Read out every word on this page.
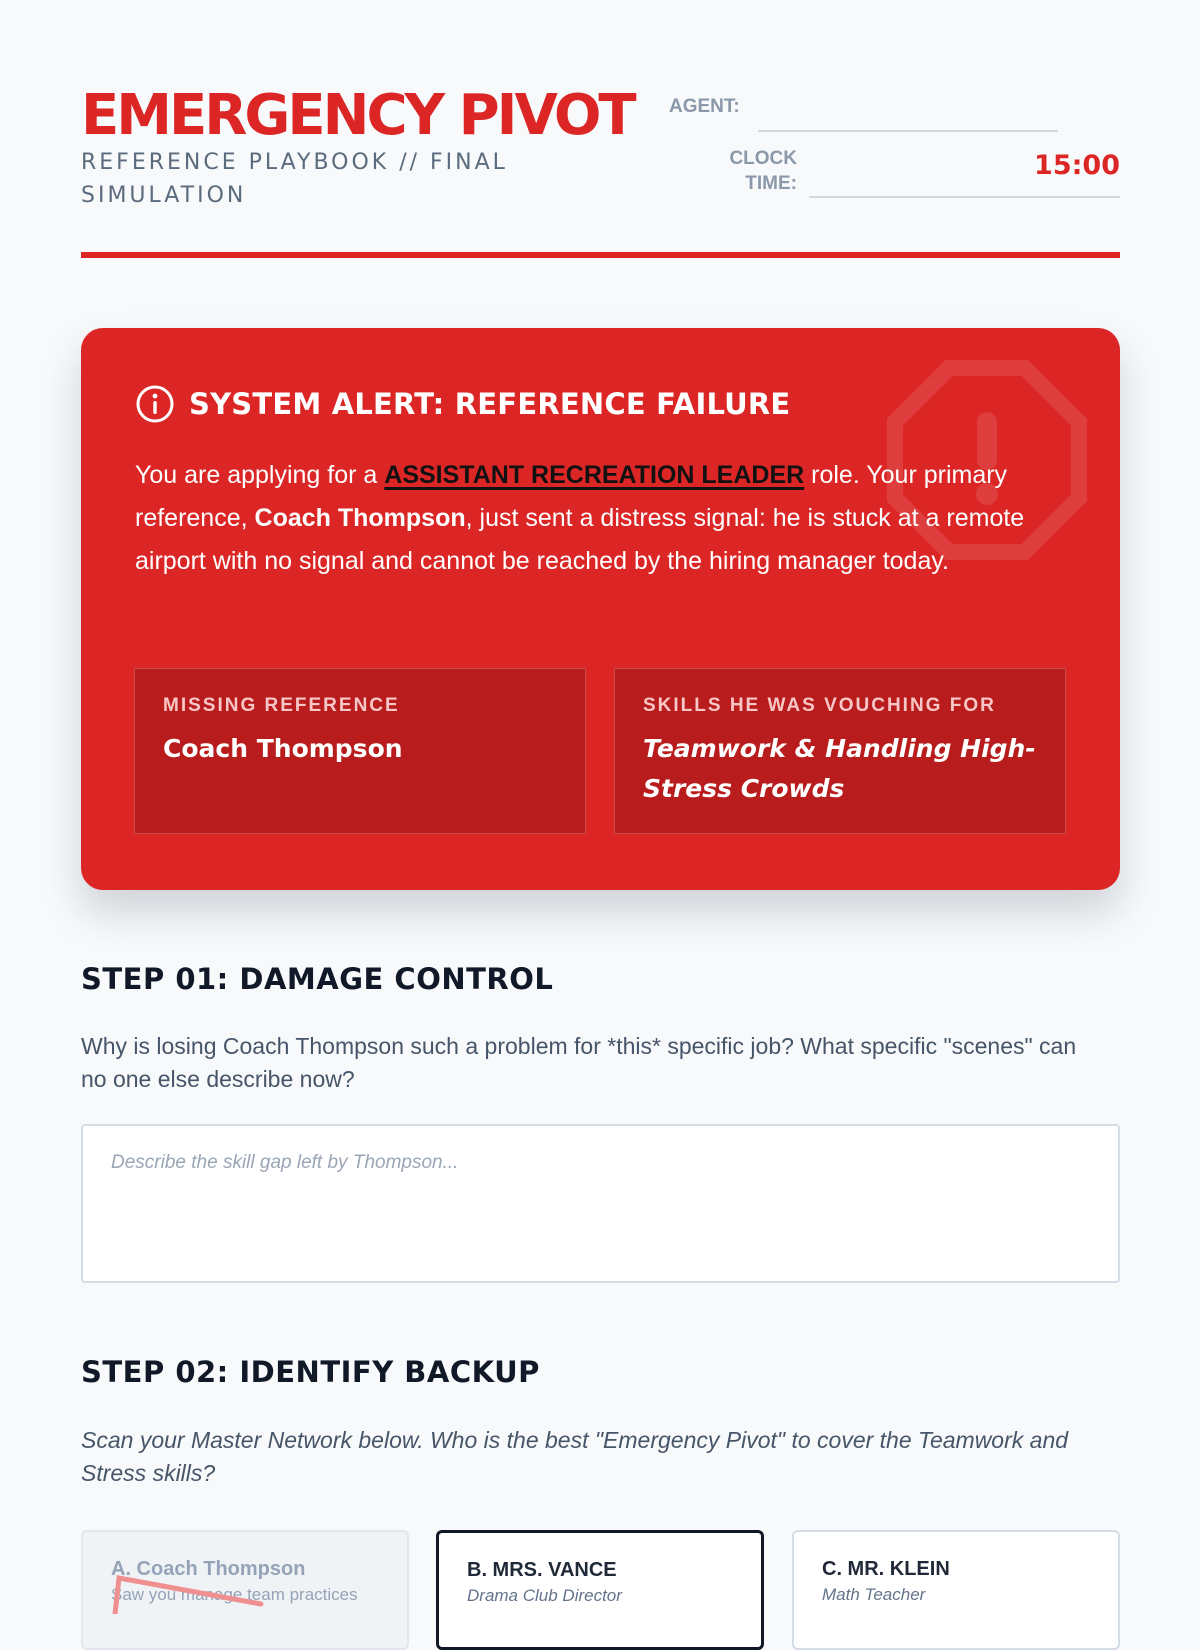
EMERGENCY PIVOT
REFERENCE PLAYBOOK // FINAL SIMULATION
AGENT:
CLOCK TIME:
15:00
SYSTEM ALERT: REFERENCE FAILURE

You are applying for a ASSISTANT RECREATION LEADER role. Your primary reference, Coach Thompson, just sent a distress signal: he is stuck at a remote airport with no signal and cannot be reached by the hiring manager today.

MISSING REFERENCE
Coach Thompson
SKILLS HE WAS VOUCHING FOR
Teamwork & Handling High-Stress Crowds
STEP 01: DAMAGE CONTROL

Why is losing Coach Thompson such a problem for *this* specific job? What specific "scenes" can no one else describe now?

Describe the skill gap left by Thompson...
STEP 02: IDENTIFY BACKUP

Scan your Master Network below. Who is the best "Emergency Pivot" to cover the Teamwork and Stress skills?

A. Coach Thompson
Saw you manage team practices
B. MRS. VANCE
Drama Club Director
C. MR. KLEIN
Math Teacher
